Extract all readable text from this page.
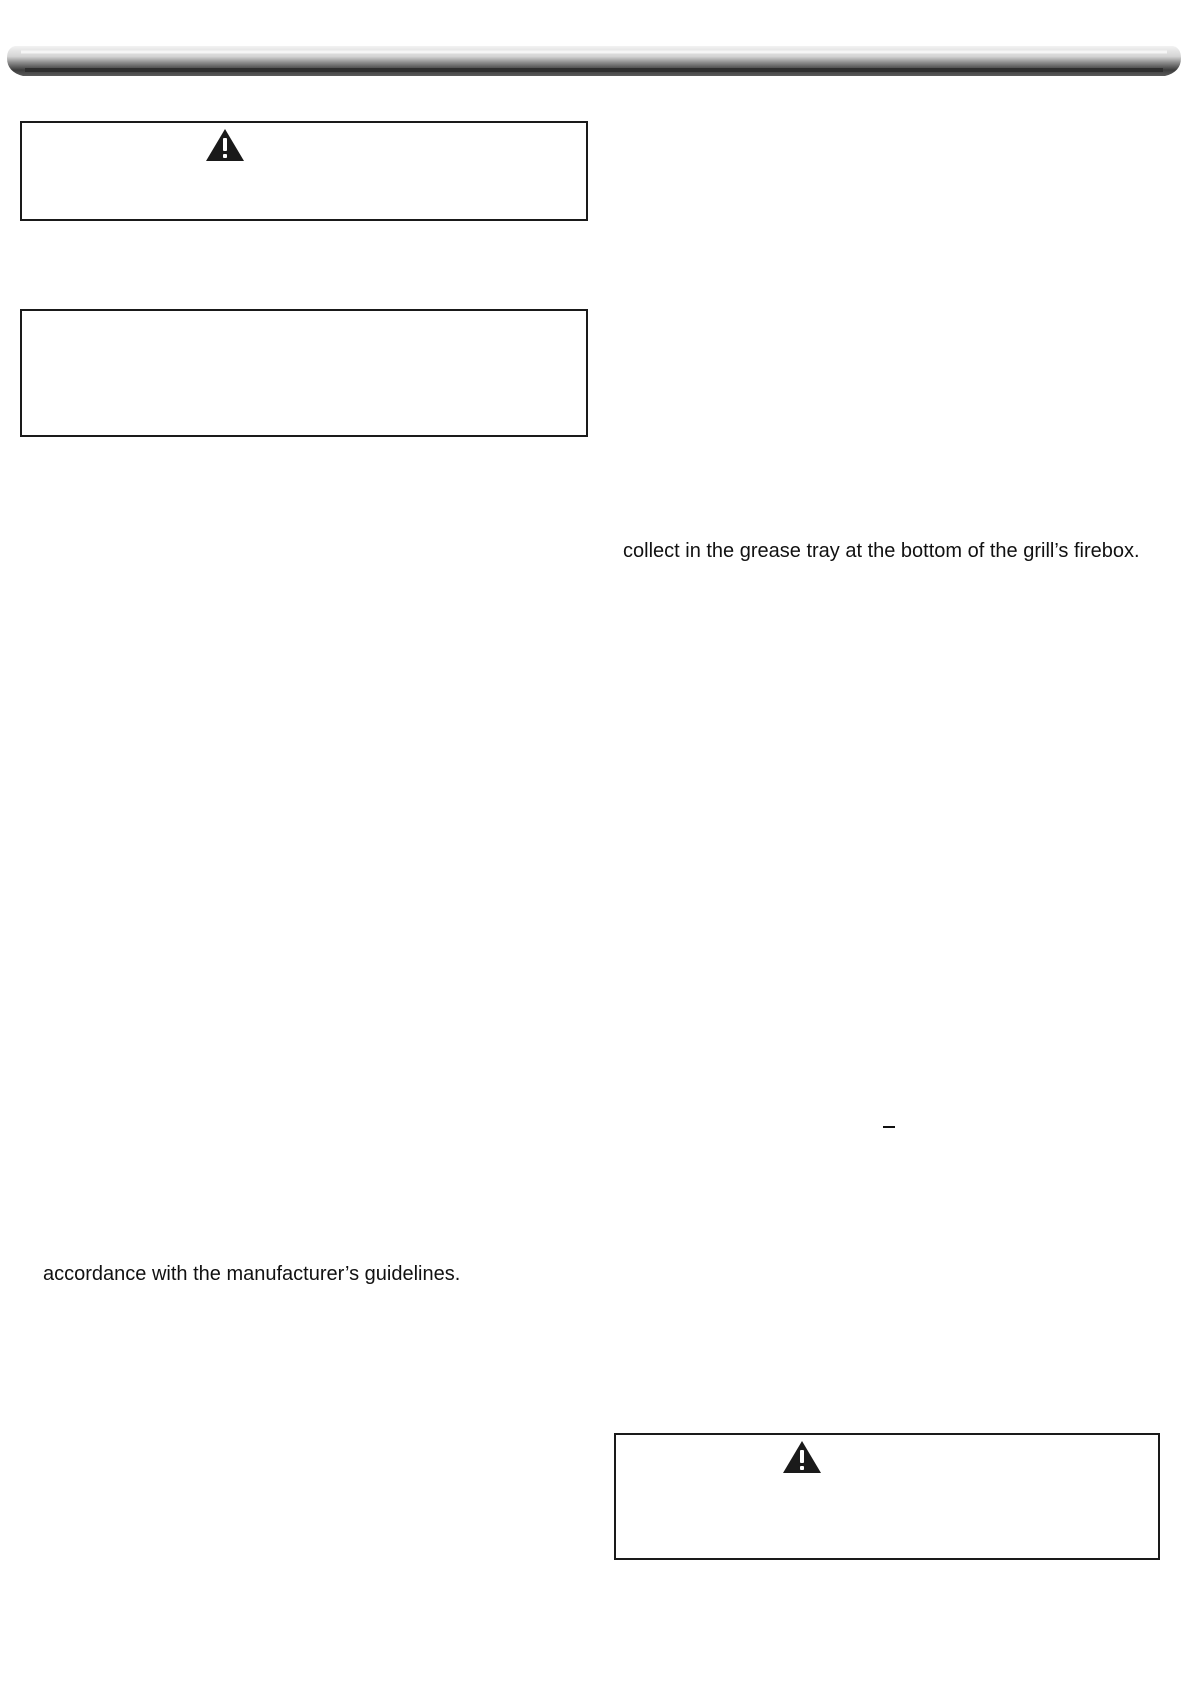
collect in the grease tray at the bottom of the grill’s firebox.
accordance with the manufacturer’s guidelines.
